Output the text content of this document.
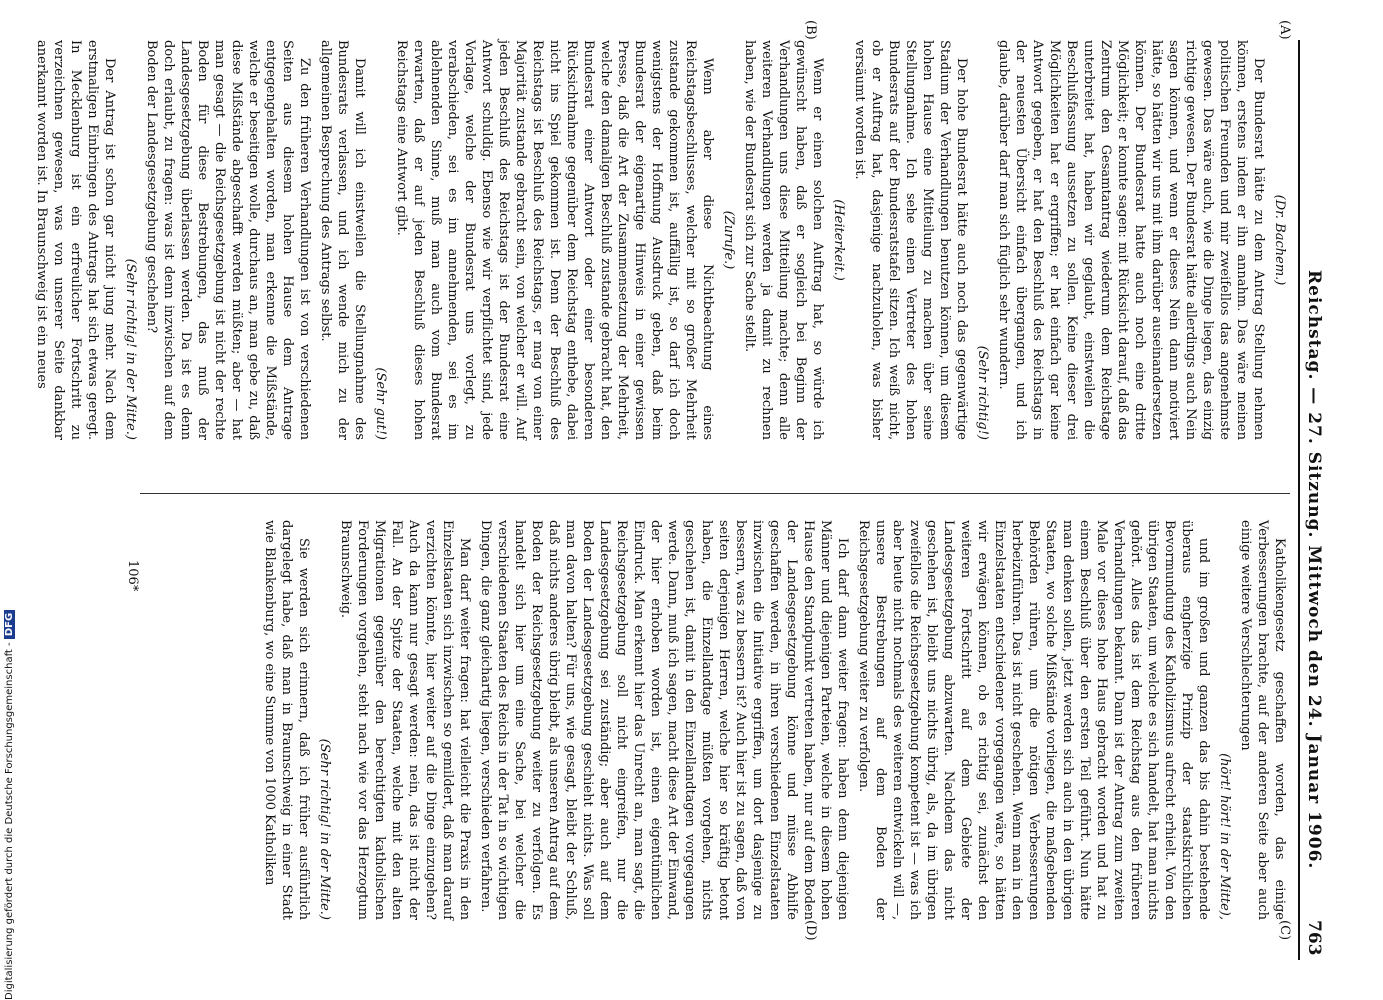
Reichstag. — 27. Sitzung. Mittwoch den 24. Januar 1906.
763
(A)
(B)
(C)
(D)

(Dr. Bachem.)

Der Bundesrat hätte zu dem Antrag Stellung nehmen können, erstens indem er ihn annahm. Das wäre meinen politischen Freunden und mir zweifellos das angenehmste gewesen. Das wäre auch, wie die Dinge liegen, das einzig richtige gewesen. Der Bundesrat hätte allerdings auch Nein sagen können, und wenn er dieses Nein dann motiviert hätte, so hätten wir uns mit ihm darüber auseinandersetzen können. Der Bundesrat hatte auch noch eine dritte Möglichkeit; er konnte sagen: mit Rücksicht darauf, daß das Zentrum den Gesamtantrag wiederum dem Reichstage unterbreitet hat, haben wir geglaubt, einstweilen die Beschlußfassung aussetzen zu sollen. Keine dieser drei Möglichkeiten hat er ergriffen; er hat einfach gar keine Antwort gegeben, er hat den Beschluß des Reichstags in der neuesten Übersicht einfach übergangen, und ich glaube, darüber darf man sich füglich sehr wundern.

(Sehr richtig!)

Der hohe Bundesrat hätte auch noch das gegenwärtige Stadium der Verhandlungen benutzen können, um diesem hohen Hause eine Mitteilung zu machen über seine Stellungnahme. Ich sehe einen Vertreter des hohen Bundesrats auf der Bundesratstafel sitzen. Ich weiß nicht, ob er Auftrag hat, dasjenige nachzuholen, was bisher versäumt worden ist.

(Heiterkeit.)

Wenn er einen solchen Auftrag hat, so würde ich gewünscht haben, daß er sogleich bei Beginn der Verhandlungen uns diese Mitteilung machte; denn alle weiteren Verhandlungen werden ja damit zu rechnen haben, wie der Bundesrat sich zur Sache stellt.

(Zurufe.)

Wenn aber diese Nichtbeachtung eines Reichstagsbeschlusses, welcher mit so großer Mehrheit zustande gekommen ist, auffällig ist, so darf ich doch wenigstens der Hoffnung Ausdruck geben, daß beim Bundesrat der eigenartige Hinweis in einer gewissen Presse, daß die Art der Zusammensetzung der Mehrheit, welche den damaligen Beschluß zustande gebracht hat, den Bundesrat einer Antwort oder einer besonderen Rücksichtnahme gegenüber dem Reichstag enthebe, dabei nicht ins Spiel gekommen ist. Denn der Beschluß des Reichstags ist Beschluß des Reichstags, er mag von einer Majorität zustande gebracht sein, von welcher er will. Auf jeden Beschluß des Reichstags ist der Bundesrat eine Antwort schuldig. Ebenso wie wir verpflichtet sind, jede Vorlage, welche der Bundesrat uns vorlegt, zu verabschieden, sei es im annehmenden, sei es im ablehnenden Sinne, muß man auch vom Bundesrat erwarten, daß er auf jeden Beschluß dieses hohen Reichstags eine Antwort gibt.

(Sehr gut!)

Damit will ich einstweilen die Stellungnahme des Bundesrats verlassen, und ich wende mich zu der allgemeinen Besprechung des Antrags selbst.

Zu den früheren Verhandlungen ist von verschiedenen Seiten aus diesem hohen Hause dem Antrage entgegengehalten worden, man erkenne die Mißstände, welche er beseitigen wolle, durchaus an, man gebe zu, daß diese Mißstände abgeschafft werden müßten; aber — hat man gesagt — die Reichsgesetzgebung ist nicht der rechte Boden für diese Bestrebungen, das muß der Landesgesetzgebung überlassen werden. Da ist es denn doch erlaubt, zu fragen: was ist denn inzwischen auf dem Boden der Landesgesetzgebung geschehen?

(Sehr richtig! in der Mitte.)

Der Antrag ist schon gar nicht jung mehr. Nach dem erstmaligen Einbringen des Antrags hat sich etwas geregt. In Mecklenburg ist ein erfreulicher Fortschritt zu verzeichnen gewesen, was von unserer Seite dankbar anerkannt worden ist. In Braunschweig ist ein neues

Katholikengesetz geschaffen worden, das einige Verbesserungen brachte, auf der anderen Seite aber auch einige weitere Verschlechterungen

(hört! hört! in der Mitte),

und im großen und ganzen das bis dahin bestehende überaus engherzige Prinzip der staatskirchlichen Bevormundung des Katholizismus aufrecht erhielt. Von den übrigen Staaten, um welche es sich handelt, hat man nichts gehört. Alles das ist dem Reichstag aus den früheren Verhandlungen bekannt. Dann ist der Antrag zum zweiten Male vor dieses hohe Haus gebracht worden und hat zu einem Beschluß über den ersten Teil geführt. Nun hätte man denken sollen, jetzt werden sich auch in den übrigen Staaten, wo solche Mißstände vorliegen, die maßgebenden Behörden rühren, um die nötigen Verbesserungen herbeizuführen. Das ist nicht geschehen. Wenn man in den Einzelstaaten entschiedener vorgegangen wäre, so hätten wir erwägen können, ob es richtig sei, zunächst den weiteren Fortschritt auf dem Gebiete der Landesgesetzgebung abzuwarten. Nachdem das nicht geschehen ist, bleibt uns nichts übrig, als, da im übrigen zweifellos die Reichsgesetzgebung kompetent ist — was ich aber heute nicht nochmals des weiteren entwickeln will —, unsere Bestrebungen auf dem Boden der Reichsgesetzgebung weiter zu verfolgen.

Ich darf dann weiter fragen: haben denn diejenigen Männer und diejenigen Parteien, welche in diesem hohen Hause den Standpunkt vertreten haben, nur auf dem Boden der Landesgesetzgebung könne und müsse Abhilfe geschaffen werden, in ihren verschiedenen Einzelstaaten inzwischen die Initiative ergriffen, um dort dasjenige zu bessern, was zu bessern ist? Auch hier ist zu sagen, daß von seiten derjenigen Herren, welche hier so kräftig betont haben, die Einzellandtage müßten vorgehen, nichts geschehen ist, damit in den Einzellandtagen vorgegangen werde. Dann, muß ich sagen, macht diese Art der Einwand, der hier erhoben worden ist, einen eigentümlichen Eindruck. Man erkennt hier das Unrecht an, man sagt, die Reichsgesetzgebung soll nicht eingreifen, nur die Landesgesetzgebung sei zuständig; aber auch auf dem Boden der Landesgesetzgebung geschieht nichts. Was soll man davon halten? Für uns, wie gesagt, bleibt der Schluß, daß nichts anderes übrig bleibt, als unseren Antrag auf dem Boden der Reichsgesetzgebung weiter zu verfolgen. Es handelt sich hier um eine Sache, bei welcher die verschiedenen Staaten des Reichs in der Tat in so wichtigen Dingen, die ganz gleichartig liegen, verschieden verfahren.

Man darf weiter fragen: hat vielleicht die Praxis in den Einzelstaaten sich inzwischen so gemildert, daß man darauf verzichten könnte, hier weiter auf die Dinge einzugehen? Auch da kann nur gesagt werden: nein, das ist nicht der Fall. An der Spitze der Staaten, welche mit den alten Migrationen gegenüber den berechtigten katholischen Forderungen vorgehen, steht nach wie vor das Herzogtum Braunschweig.

(Sehr richtig! in der Mitte.)

Sie werden sich erinnern, daß ich früher ausführlich dargelegt habe, daß man in Braunschweig in einer Stadt wie Blankenburg, wo eine Summe von 1000 Katholiken

106*
Digitalisierung gefördert durch die Deutsche Forschungsgemeinschaft - DFG
